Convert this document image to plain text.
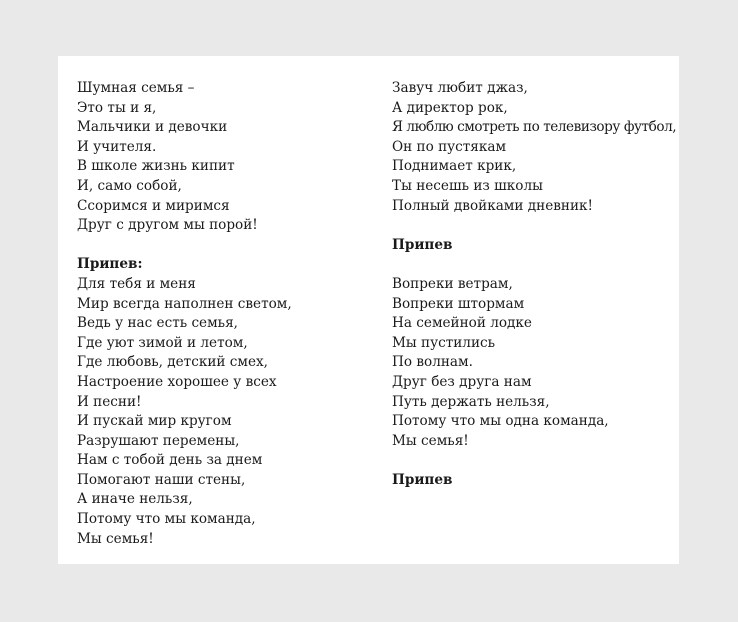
Шумная семья –
Это ты и я,
Мальчики и девочки
И учителя.
В школе жизнь кипит
И, само собой,
Ссоримся и миримся
Друг с другом мы порой!
Припев:
Для тебя и меня
Мир всегда наполнен светом,
Ведь у нас есть семья,
Где уют зимой и летом,
Где любовь, детский смех,
Настроение хорошее у всех
И песни!
И пускай мир кругом
Разрушают перемены,
Нам с тобой день за днем
Помогают наши стены,
А иначе нельзя,
Потому что мы команда,
Мы семья!
Завуч любит джаз,
А директор рок,
Я люблю смотреть по телевизору футбол,
Он по пустякам
Поднимает крик,
Ты несешь из школы
Полный двойками дневник!
Припев
Вопреки ветрам,
Вопреки штормам
На семейной лодке
Мы пустились
По волнам.
Друг без друга нам
Путь держать нельзя,
Потому что мы одна команда,
Мы семья!
Припев
